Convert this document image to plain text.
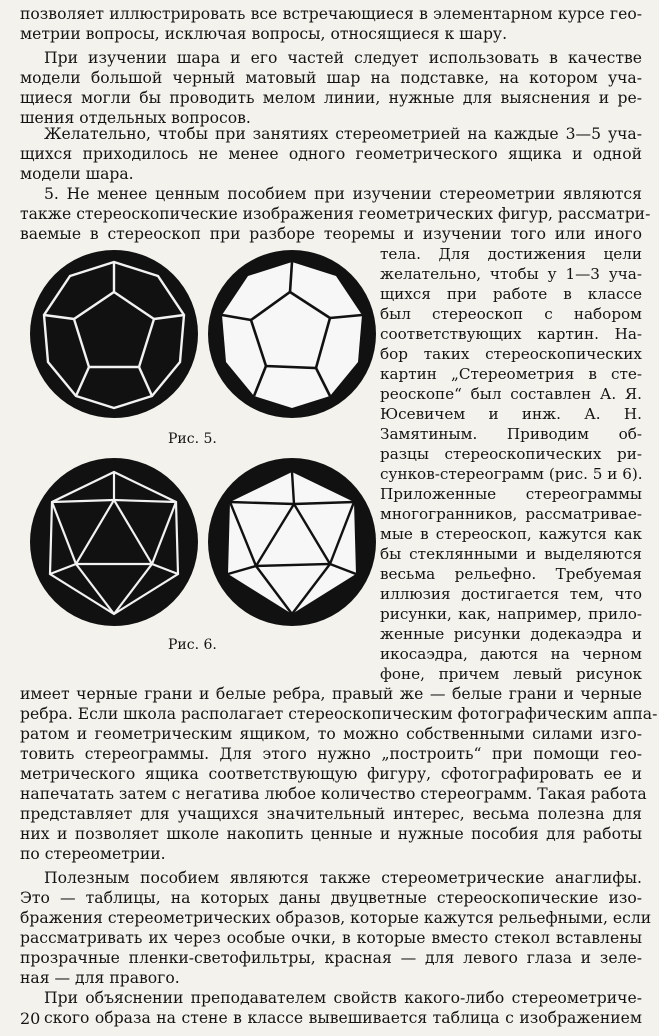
позволяет иллюстрировать все встречающиеся в элементарном курсе гео-
метрии вопросы, исключая вопросы, относящиеся к шару.
При изучении шара и его частей следует использовать в качестве
модели большой черный матовый шар на подставке, на котором уча-
щиеся могли бы проводить мелом линии, нужные для выяснения и ре-
шения отдельных вопросов.
Желательно, чтобы при занятиях стереометрией на каждые 3—5 уча-
щихся приходилось не менее одного геометрического ящика и одной
модели шара.
5. Не менее ценным пособием при изучении стереометрии являются
также стереоскопические изображения геометрических фигур, рассматри-
ваемые в стереоскоп при разборе теоремы и изучении того или иного
Рис. 5.
Рис. 6.
тела. Для достижения цели
желательно, чтобы у 1—3 уча-
щихся при работе в классе
был стереоскоп с набором
соответствующих картин. На-
бор таких стереоскопических
картин „Стереометрия в сте-
реоскопе“ был составлен А. Я.
Юсевичем и инж. А. Н.
Замятиным. Приводим об-
разцы стереоскопических ри-
сунков-стереограмм (рис. 5 и 6).
Приложенные стереограммы
многогранников, рассматривае-
мые в стереоскоп, кажутся как
бы стеклянными и выделяются
весьма рельефно. Требуемая
иллюзия достигается тем, что
рисунки, как, например, прило-
женные рисунки додекаэдра и
икосаэдра, даются на черном
фоне, причем левый рисунок
имеет черные грани и белые ребра, правый же — белые грани и черные
ребра. Если школа располагает стереоскопическим фотографическим аппа-
ратом и геометрическим ящиком, то можно собственными силами изго-
товить стереограммы. Для этого нужно „построить“ при помощи гео-
метрического ящика соответствующую фигуру, сфотографировать ее и
напечатать затем с негатива любое количество стереограмм. Такая работа
представляет для учащихся значительный интерес, весьма полезна для
них и позволяет школе накопить ценные и нужные пособия для работы
по стереометрии.
Полезным пособием являются также стереометрические анаглифы.
Это — таблицы, на которых даны двуцветные стереоскопические изо-
бражения стереометрических образов, которые кажутся рельефными, если
рассматривать их через особые очки, в которые вместо стекол вставлены
прозрачные пленки-светофильтры, красная — для левого глаза и зеле-
ная — для правого.
При объяснении преподавателем свойств какого-либо стереометриче-
ского образа на стене в классе вывешивается таблица с изображением
20
